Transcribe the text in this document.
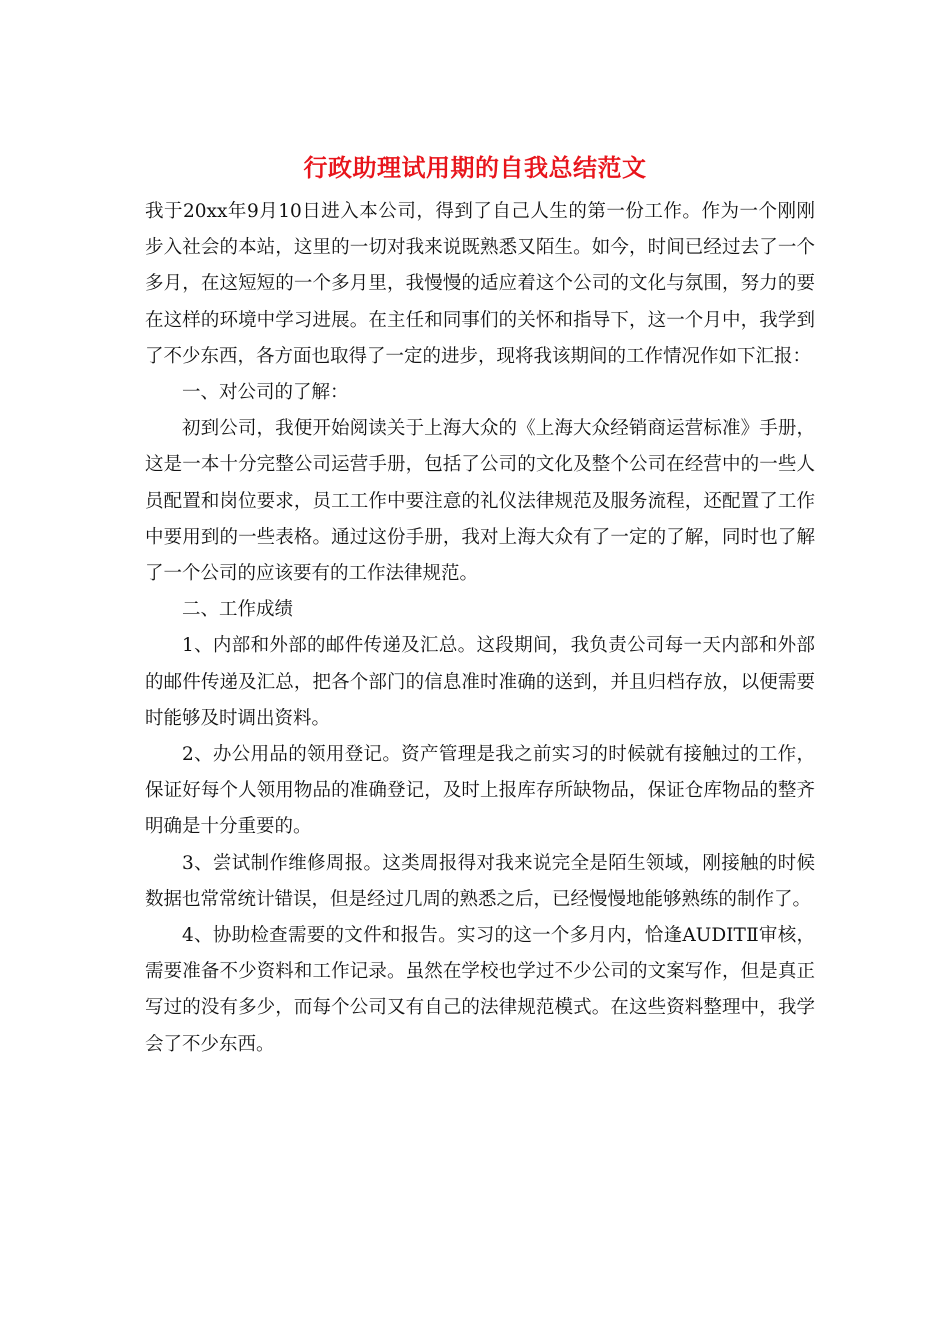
行政助理试用期的自我总结范文

我于20xx年9月10日进入本公司，得到了自己人生的第一份工作。作为一个刚刚步入社会的本站，这里的一切对我来说既熟悉又陌生。如今，时间已经过去了一个多月，在这短短的一个多月里，我慢慢的适应着这个公司的文化与氛围，努力的要在这样的环境中学习进展。在主任和同事们的关怀和指导下，这一个月中，我学到了不少东西，各方面也取得了一定的进步，现将我该期间的工作情况作如下汇报：

一、对公司的了解：

初到公司，我便开始阅读关于上海大众的《上海大众经销商运营标准》手册，这是一本十分完整公司运营手册，包括了公司的文化及整个公司在经营中的一些人员配置和岗位要求，员工工作中要注意的礼仪法律规范及服务流程，还配置了工作中要用到的一些表格。通过这份手册，我对上海大众有了一定的了解，同时也了解了一个公司的应该要有的工作法律规范。

二、工作成绩

1、内部和外部的邮件传递及汇总。这段期间，我负责公司每一天内部和外部的邮件传递及汇总，把各个部门的信息准时准确的送到，并且归档存放，以便需要时能够及时调出资料。

2、办公用品的领用登记。资产管理是我之前实习的时候就有接触过的工作，保证好每个人领用物品的准确登记，及时上报库存所缺物品，保证仓库物品的整齐明确是十分重要的。

3、尝试制作维修周报。这类周报得对我来说完全是陌生领域，刚接触的时候数据也常常统计错误，但是经过几周的熟悉之后，已经慢慢地能够熟练的制作了。

4、协助检查需要的文件和报告。实习的这一个多月内，恰逢AUDITⅡ审核，需要准备不少资料和工作记录。虽然在学校也学过不少公司的文案写作，但是真正写过的没有多少，而每个公司又有自己的法律规范模式。在这些资料整理中，我学会了不少东西。
